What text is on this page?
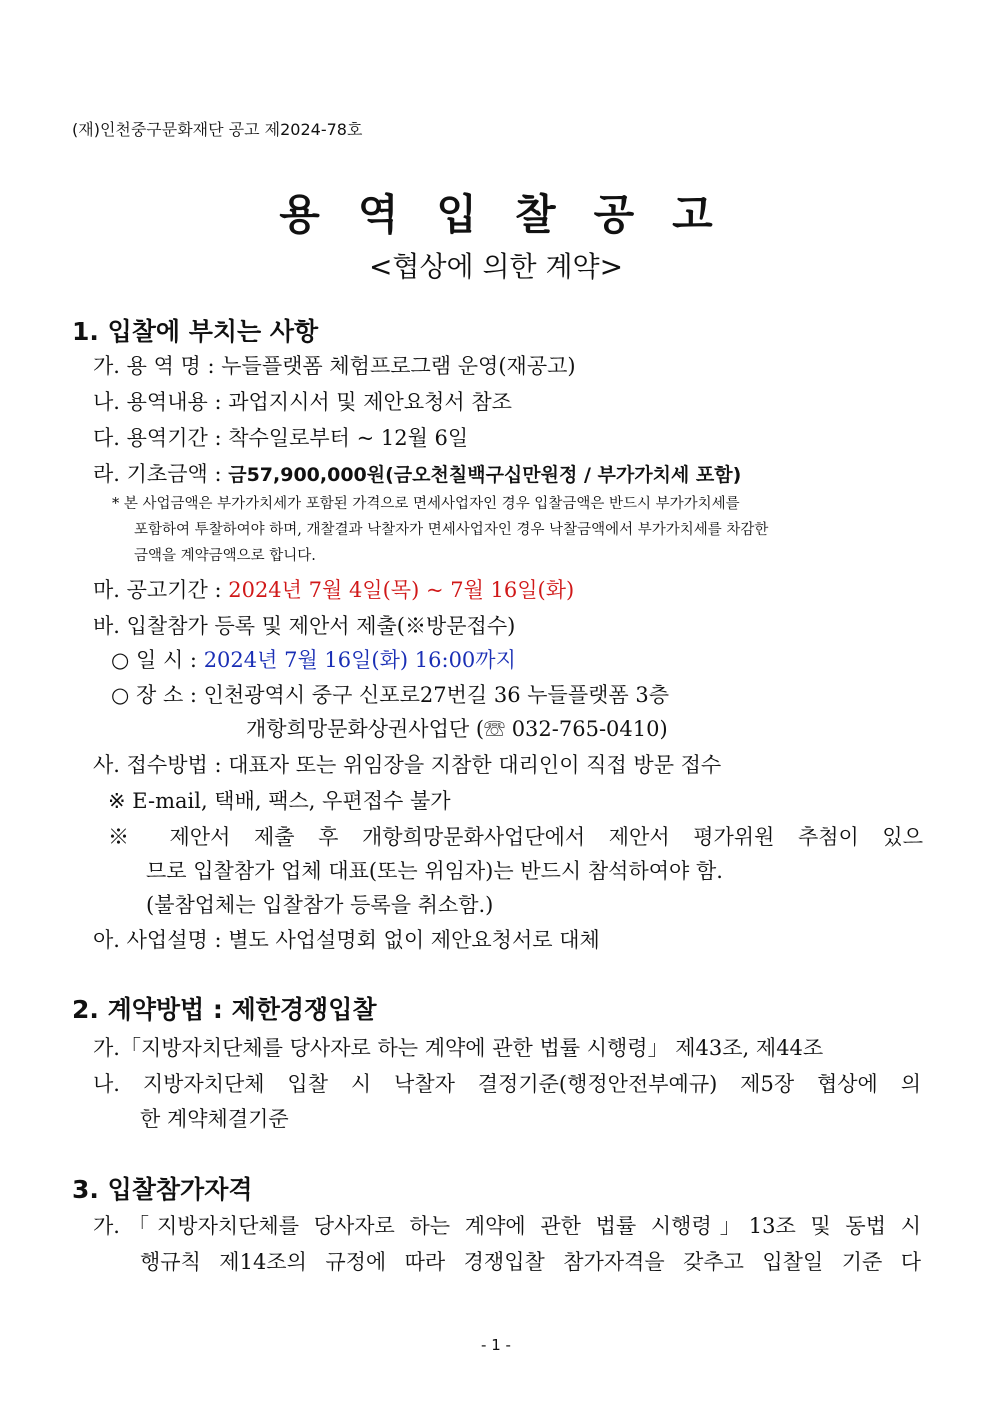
(재)인천중구문화재단 공고 제2024-78호
용역입찰공고
<협상에 의한 계약>
1. 입찰에 부치는 사항
가. 용 역 명 : 누들플랫폼 체험프로그램 운영(재공고)
나. 용역내용 : 과업지시서 및 제안요청서 참조
다. 용역기간 : 착수일로부터 ~ 12월 6일
라. 기초금액 : 금57,900,000원(금오천칠백구십만원정 / 부가가치세 포함)
* 본 사업금액은 부가가치세가 포함된 가격으로 면세사업자인 경우 입찰금액은 반드시 부가가치세를
포함하여 투찰하여야 하며, 개찰결과 낙찰자가 면세사업자인 경우 낙찰금액에서 부가가치세를 차감한
금액을 계약금액으로 합니다.
마. 공고기간 : 2024년 7월 4일(목) ~ 7월 16일(화)
바. 입찰참가 등록 및 제안서 제출(※방문접수)
○ 일 시 : 2024년 7월 16일(화) 16:00까지
○ 장 소 : 인천광역시 중구 신포로27번길 36 누들플랫폼 3층
개항희망문화상권사업단 (☏ 032-765-0410)
사. 접수방법 : 대표자 또는 위임장을 지참한 대리인이 직접 방문 접수
※ E-mail, 택배, 팩스, 우편접수 불가
※ 제안서 제출 후 개항희망문화사업단에서 제안서 평가위원 추첨이 있으
므로 입찰참가 업체 대표(또는 위임자)는 반드시 참석하여야 함.
(불참업체는 입찰참가 등록을 취소함.)
아. 사업설명 : 별도 사업설명회 없이 제안요청서로 대체
2. 계약방법 : 제한경쟁입찰
가.「지방자치단체를 당사자로 하는 계약에 관한 법률 시행령」 제43조, 제44조
나. 지방자치단체 입찰 시 낙찰자 결정기준(행정안전부예규) 제5장 협상에 의
한 계약체결기준
3. 입찰참가자격
가.「지방자치단체를 당사자로 하는 계약에 관한 법률 시행령」13조 및 동법 시
행규칙 제14조의 규정에 따라 경쟁입찰 참가자격을 갖추고 입찰일 기준 다
- 1 -
